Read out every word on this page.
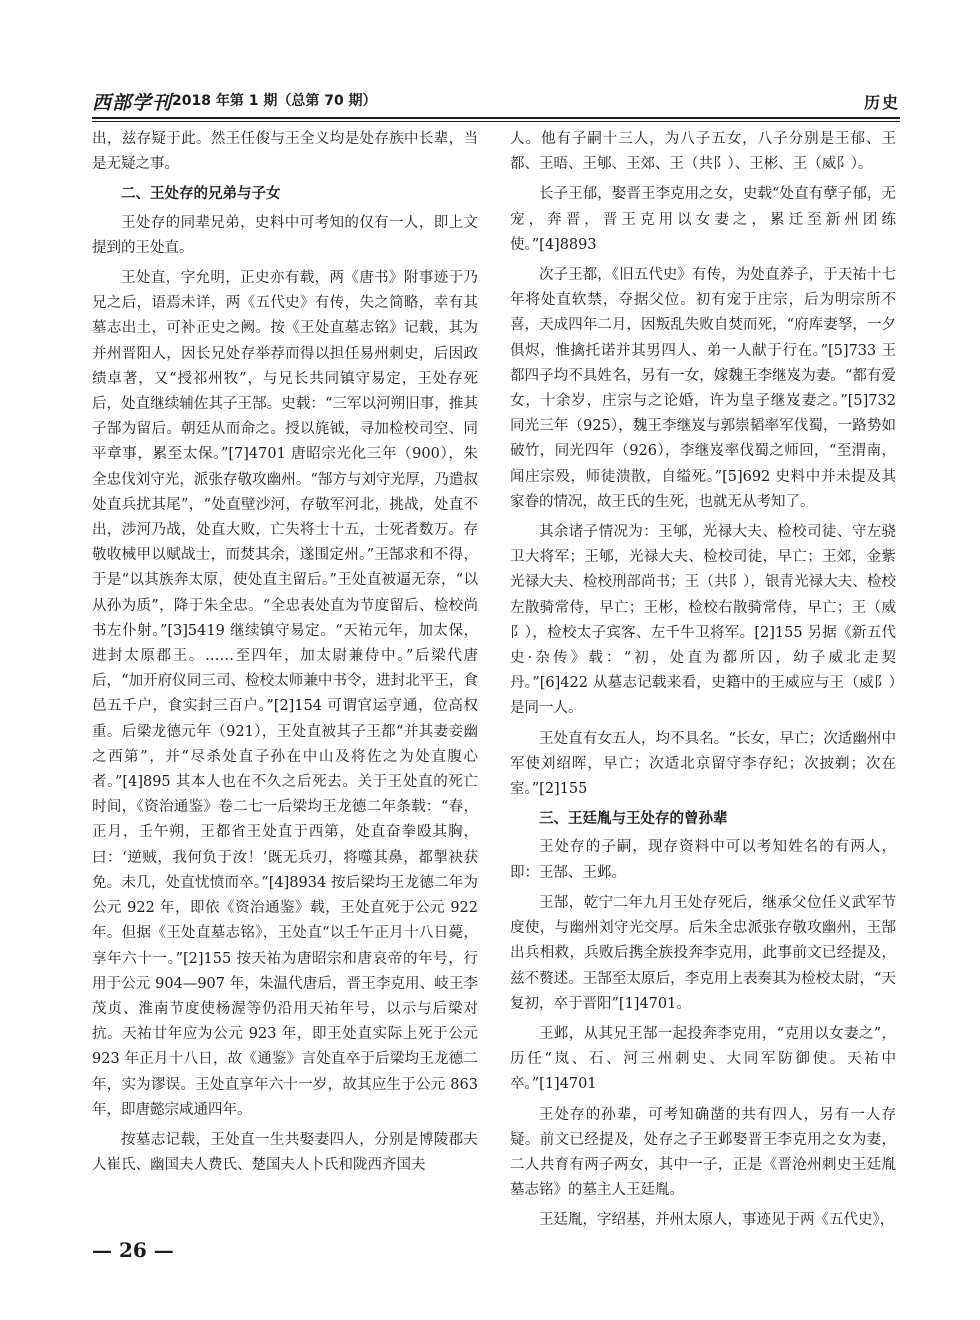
西部学刊 2018 年第 1 期（总第 70 期）	历史

出，兹存疑于此。然王任俊与王全义均是处存族中长辈，当是无疑之事。

二、王处存的兄弟与子女

王处存的同辈兄弟，史料中可考知的仅有一人，即上文提到的王处直。

王处直，字允明，正史亦有载，两《唐书》附事迹于乃兄之后，语焉未详，两《五代史》有传，失之简略，幸有其墓志出土，可补正史之阙。按《王处直墓志铭》记载，其为并州晋阳人，因长兄处存举荐而得以担任易州刺史，后因政绩卓著，又“授祁州牧”，与兄长共同镇守易定，王处存死后，处直继续辅佐其子王郜。史载：“三军以河朔旧事，推其子郜为留后。朝廷从而命之。授以旄钺，寻加检校司空、同平章事，累至太保。”[7]4701 唐昭宗光化三年（900），朱全忠伐刘守光，派张存敬攻幽州。“郜方与刘守光厚，乃遣叔处直兵扰其尾”，“处直壁沙河，存敬军河北，挑战，处直不出，涉河乃战，处直大败，亡失将士十五，士死者数万。存敬收械甲以赋战士，而焚其余，遂围定州。”王郜求和不得，于是“以其族奔太原，使处直主留后。”王处直被逼无奈，“以从孙为质”，降于朱全忠。“全忠表处直为节度留后、检校尚书左仆射。”[3]5419 继续镇守易定。“天祐元年，加太保，进封太原郡王。……至四年，加太尉兼侍中。”后梁代唐后，“加开府仪同三司、检校太师兼中书令，进封北平王，食邑五千户，食实封三百户。”[2]154 可谓官运亨通，位高权重。后梁龙德元年（921），王处直被其子王都“并其妻妾幽之西第”，并“尽杀处直子孙在中山及将佐之为处直腹心者。”[4]895 其本人也在不久之后死去。关于王处直的死亡时间，《资治通鉴》卷二七一后梁均王龙德二年条载：“春，正月，壬午朔，王都省王处直于西第，处直奋拳殴其胸，曰：‘逆贼，我何负于汝！’既无兵刃，将噬其鼻，都掣袂获免。未几，处直忧愤而卒。”[4]8934 按后梁均王龙德二年为公元 922 年，即依《资治通鉴》载，王处直死于公元 922 年。但据《王处直墓志铭》，王处直“以壬午正月十八日薨，享年六十一。”[2]155 按天祐为唐昭宗和唐哀帝的年号，行用于公元 904—907 年，朱温代唐后，晋王李克用、岐王李茂贞、淮南节度使杨渥等仍沿用天祐年号，以示与后梁对抗。天祐廿年应为公元 923 年，即王处直实际上死于公元 923 年正月十八日，故《通鉴》言处直卒于后梁均王龙德二年，实为谬误。王处直享年六十一岁，故其应生于公元 863 年，即唐懿宗咸通四年。

按墓志记载，王处直一生共娶妻四人，分别是博陵郡夫人崔氏、幽国夫人费氏、楚国夫人卜氏和陇西齐国夫

人。他有子嗣十三人，为八子五女，八子分别是王郁、王都、王晤、王郇、王郊、王（共阝）、王彬、王（威阝）。

长子王郁，娶晋王李克用之女，史载“处直有孽子郁，无宠，奔晋，晋王克用以女妻之，累迁至新州团练使。”[4]8893

次子王都，《旧五代史》有传，为处直养子，于天祐十七年将处直软禁，夺据父位。初有宠于庄宗，后为明宗所不喜，天成四年二月，因叛乱失败自焚而死，“府库妻孥，一夕俱烬，惟擒托诺并其男四人、弟一人献于行在。”[5]733 王都四子均不具姓名，另有一女，嫁魏王李继岌为妻。“都有爱女，十余岁，庄宗与之论婚，许为皇子继岌妻之。”[5]732 同光三年（925），魏王李继岌与郭崇韬率军伐蜀，一路势如破竹，同光四年（926），李继岌率伐蜀之师回，“至渭南，闻庄宗殁，师徒溃散，自缢死。”[5]692 史料中并未提及其家眷的情况，故王氏的生死，也就无从考知了。

其余诸子情况为：王郇，光禄大夫、检校司徒、守左骁卫大将军；王郇，光禄大夫、检校司徒，早亡；王郊，金紫光禄大夫、检校刑部尚书；王（共阝），银青光禄大夫、检校左散骑常侍，早亡；王彬，检校右散骑常侍，早亡；王（威阝），检校太子宾客、左千牛卫将军。[2]155 另据《新五代史·杂传》载：“初，处直为都所囚，幼子威北走契丹。”[6]422 从墓志记载来看，史籍中的王威应与王（威阝）是同一人。

王处直有女五人，均不具名。“长女，早亡；次适幽州中军使刘绍晖，早亡；次适北京留守李存纪；次披剃；次在室。”[2]155

三、王廷胤与王处存的曾孙辈

王处存的子嗣，现存资料中可以考知姓名的有两人，即：王郜、王邺。

王郜，乾宁二年九月王处存死后，继承父位任义武军节度使，与幽州刘守光交厚。后朱全忠派张存敬攻幽州，王郜出兵相救，兵败后携全族投奔李克用，此事前文已经提及，兹不赘述。王郜至太原后，李克用上表奏其为检校太尉，“天复初，卒于晋阳”[1]4701。

王邺，从其兄王郜一起投奔李克用，“克用以女妻之”，历任“岚、石、河三州刺史、大同军防御使。天祐中卒。”[1]4701

王处存的孙辈，可考知确凿的共有四人，另有一人存疑。前文已经提及，处存之子王邺娶晋王李克用之女为妻，二人共育有两子两女，其中一子，正是《晋沧州刺史王廷胤墓志铭》的墓主人王廷胤。

王廷胤，字绍基，并州太原人，事迹见于两《五代史》，

— 26 —
